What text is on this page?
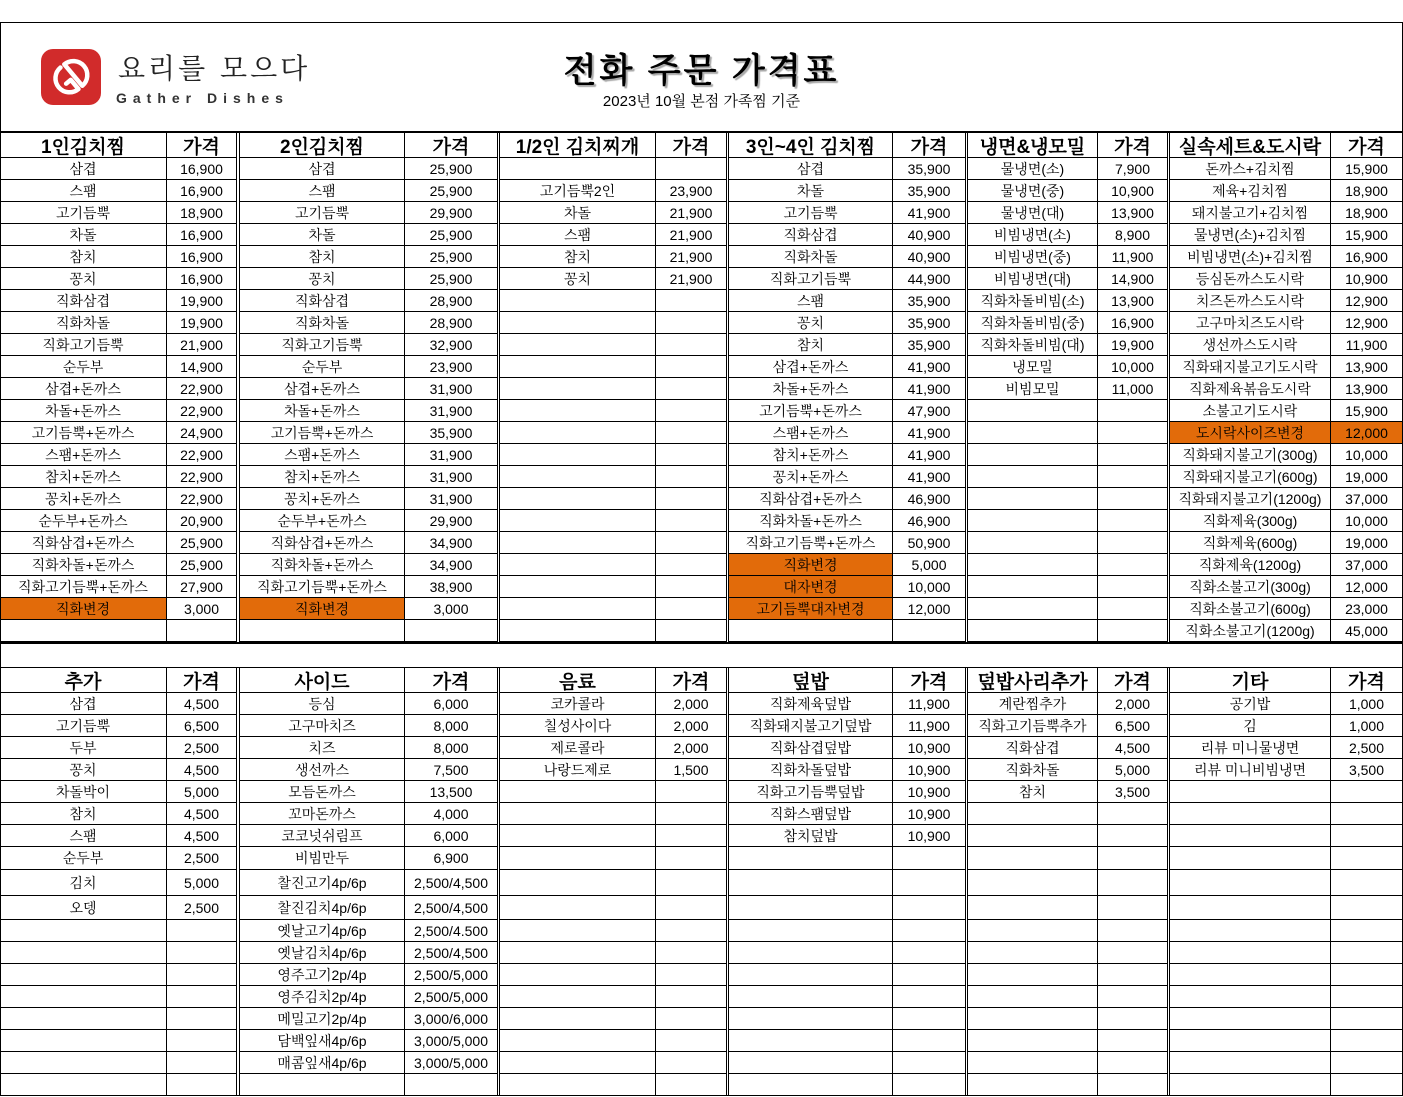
요리를 모으다
Gather Dishes
전화 주문 가격표
2023년 10월 본점 가족찜 기준
1인김치찜	가격
삼겹	16,900
스팸	16,900
고기듬뿍	18,900
차돌	16,900
참치	16,900
꽁치	16,900
직화삼겹	19,900
직화차돌	19,900
직화고기듬뿍	21,900
순두부	14,900
삼겹+돈까스	22,900
차돌+돈까스	22,900
고기듬뿍+돈까스	24,900
스팸+돈까스	22,900
참치+돈까스	22,900
꽁치+돈까스	22,900
순두부+돈까스	20,900
직화삼겹+돈까스	25,900
직화차돌+돈까스	25,900
직화고기듬뿍+돈까스	27,900
직화변경	3,000
2인김치찜	가격
삼겹	25,900
스팸	25,900
고기듬뿍	29,900
차돌	25,900
참치	25,900
꽁치	25,900
직화삼겹	28,900
직화차돌	28,900
직화고기듬뿍	32,900
순두부	23,900
삼겹+돈까스	31,900
차돌+돈까스	31,900
고기듬뿍+돈까스	35,900
스팸+돈까스	31,900
참치+돈까스	31,900
꽁치+돈까스	31,900
순두부+돈까스	29,900
직화삼겹+돈까스	34,900
직화차돌+돈까스	34,900
직화고기듬뿍+돈까스	38,900
직화변경	3,000
1/2인 김치찌개	가격
고기듬뿍2인	23,900
차돌	21,900
스팸	21,900
참치	21,900
꽁치	21,900
3인~4인 김치찜	가격
삼겹	35,900
차돌	35,900
고기듬뿍	41,900
직화삼겹	40,900
직화차돌	40,900
직화고기듬뿍	44,900
스팸	35,900
꽁치	35,900
참치	35,900
삼겹+돈까스	41,900
차돌+돈까스	41,900
고기듬뿍+돈까스	47,900
스팸+돈까스	41,900
참치+돈까스	41,900
꽁치+돈까스	41,900
직화삼겹+돈까스	46,900
직화차돌+돈까스	46,900
직화고기듬뿍+돈까스	50,900
직화변경	5,000
대자변경	10,000
고기듬뿍대자변경	12,000
냉면&냉모밀	가격
물냉면(소)	7,900
물냉면(중)	10,900
물냉면(대)	13,900
비빔냉면(소)	8,900
비빔냉면(중)	11,900
비빔냉면(대)	14,900
직화차돌비빔(소)	13,900
직화차돌비빔(중)	16,900
직화차돌비빔(대)	19,900
냉모밀	10,000
비빔모밀	11,000
실속세트&도시락	가격
돈까스+김치찜	15,900
제육+김치찜	18,900
돼지불고기+김치찜	18,900
물냉면(소)+김치찜	15,900
비빔냉면(소)+김치찜	16,900
등심돈까스도시락	10,900
치즈돈까스도시락	12,900
고구마치즈도시락	12,900
생선까스도시락	11,900
직화돼지불고기도시락	13,900
직화제육볶음도시락	13,900
소불고기도시락	15,900
도시락사이즈변경	12,000
직화돼지불고기(300g)	10,000
직화돼지불고기(600g)	19,000
직화돼지불고기(1200g)	37,000
직화제육(300g)	10,000
직화제육(600g)	19,000
직화제육(1200g)	37,000
직화소불고기(300g)	12,000
직화소불고기(600g)	23,000
직화소불고기(1200g)	45,000
추가	가격
삼겹	4,500
고기듬뿍	6,500
두부	2,500
꽁치	4,500
차돌박이	5,000
참치	4,500
스팸	4,500
순두부	2,500
김치	5,000
오뎅	2,500
사이드	가격
등심	6,000
고구마치즈	8,000
치즈	8,000
생선까스	7,500
모듬돈까스	13,500
꼬마돈까스	4,000
코코넛쉬림프	6,000
비빔만두	6,900
찰진고기4p/6p	2,500/4,500
찰진김치4p/6p	2,500/4,500
옛날고기4p/6p	2,500/4.500
옛날김치4p/6p	2,500/4,500
영주고기2p/4p	2,500/5,000
영주김치2p/4p	2,500/5,000
메밀고기2p/4p	3,000/6,000
담백잎새4p/6p	3,000/5,000
매콤잎새4p/6p	3,000/5,000
음료	가격
코카콜라	2,000
칠성사이다	2,000
제로콜라	2,000
나랑드제로	1,500
덮밥	가격
직화제육덮밥	11,900
직화돼지불고기덮밥	11,900
직화삼겹덮밥	10,900
직화차돌덮밥	10,900
직화고기듬뿍덮밥	10,900
직화스팸덮밥	10,900
참치덮밥	10,900
덮밥사리추가	가격
계란찜추가	2,000
직화고기듬뿍추가	6,500
직화삼겹	4,500
직화차돌	5,000
참치	3,500
기타	가격
공기밥	1,000
김	1,000
리뷰 미니물냉면	2,500
리뷰 미니비빔냉면	3,500
